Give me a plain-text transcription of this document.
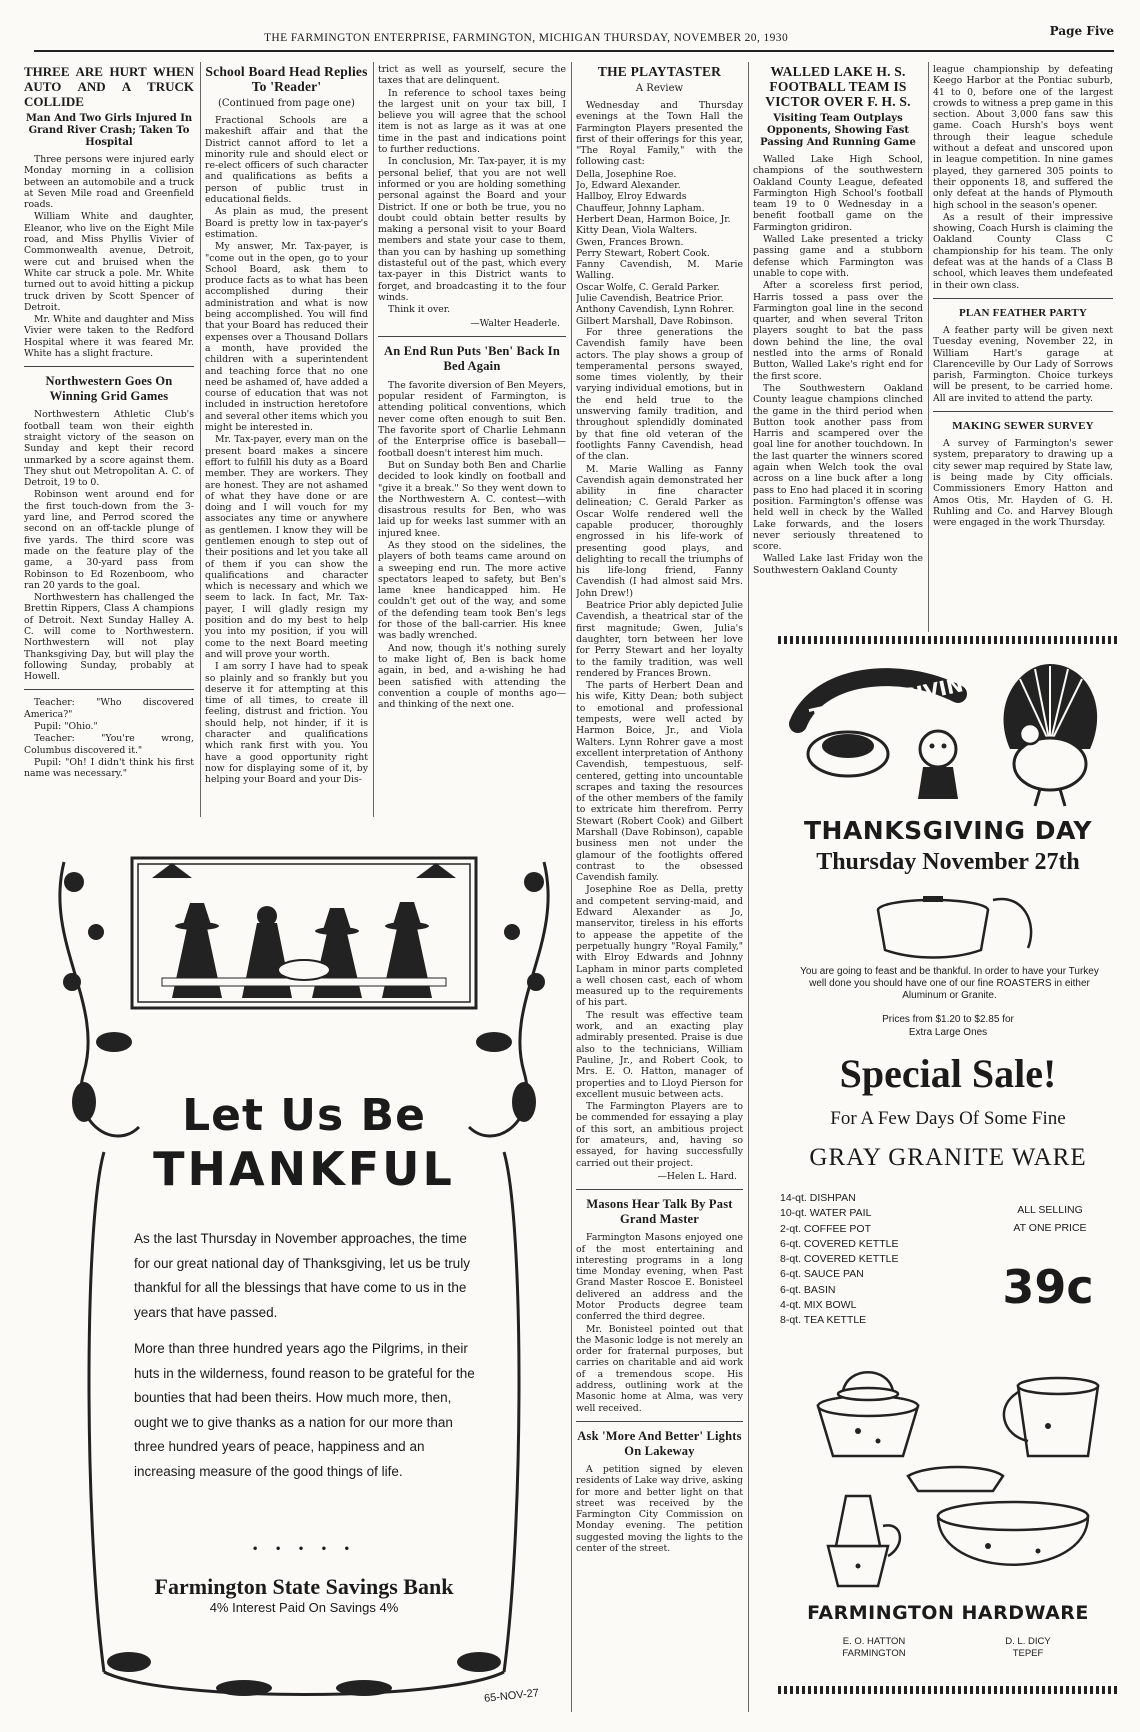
THE FARMINGTON ENTERPRISE, FARMINGTON, MICHIGAN THURSDAY, NOVEMBER 20, 1930	Page Five
THREE ARE HURT WHEN AUTO AND A TRUCK COLLIDE
Man And Two Girls Injured In Grand River Crash; Taken To Hospital

Three persons were injured early Monday morning in a collision between an automobile and a truck at Seven Mile road and Greenfield roads.

William White and daughter, Eleanor, who live on the Eight Mile road, and Miss Phyllis Vivier of Commonwealth avenue, Detroit, were cut and bruised when the White car struck a pole. Mr. White turned out to avoid hitting a pickup truck driven by Scott Spencer of Detroit.

Mr. White and daughter and Miss Vivier were taken to the Redford Hospital where it was feared Mr. White has a slight fracture.

Northwestern Goes On Winning Grid Games

Northwestern Athletic Club's football team won their eighth straight victory of the season on Sunday and kept their record unmarked by a score against them. They shut out Metropolitan A. C. of Detroit, 19 to 0.

Robinson went around end for the first touch-down from the 3-yard line, and Perrod scored the second on an off-tackle plunge of five yards. The third score was made on the feature play of the game, a 30-yard pass from Robinson to Ed Rozenboom, who ran 20 yards to the goal.

Northwestern has challenged the Brettin Rippers, Class A champions of Detroit. Next Sunday Halley A. C. will come to Northwestern. Northwestern will not play Thanksgiving Day, but will play the following Sunday, probably at Howell.

Teacher: "Who discovered America?"

Pupil: "Ohio."

Teacher: "You're wrong, Columbus discovered it."

Pupil: "Oh! I didn't think his first name was necessary."

School Board Head Replies To 'Reader'
(Continued from page one)

Fractional Schools are a makeshift affair and that the District cannot afford to let a minority rule and should elect or re-elect officers of such character and qualifications as befits a person of public trust in educational fields.

As plain as mud, the present Board is pretty low in tax-payer's estimation.

My answer, Mr. Tax-payer, is "come out in the open, go to your School Board, ask them to produce facts as to what has been accomplished during their administration and what is now being accomplished. You will find that your Board has reduced their expenses over a Thousand Dollars a month, have provided the children with a superintendent and teaching force that no one need be ashamed of, have added a course of education that was not included in instruction heretofore and several other items which you might be interested in.

Mr. Tax-payer, every man on the present board makes a sincere effort to fulfill his duty as a Board member. They are workers. They are honest. They are not ashamed of what they have done or are doing and I will vouch for my associates any time or anywhere as gentlemen. I know they will be gentlemen enough to step out of their positions and let you take all of them if you can show the qualifications and character which is necessary and which we seem to lack. In fact, Mr. Tax-payer, I will gladly resign my position and do my best to help you into my position, if you will come to the next Board meeting and will prove your worth.

I am sorry I have had to speak so plainly and so frankly but you deserve it for attempting at this time of all times, to create ill feeling, distrust and friction. You should help, not hinder, if it is character and qualifications which rank first with you. You have a good opportunity right now for displaying some of it, by helping your Board and your Dis-

trict as well as yourself, secure the taxes that are delinquent.

In reference to school taxes being the largest unit on your tax bill, I believe you will agree that the school item is not as large as it was at one time in the past and indications point to further reductions.

In conclusion, Mr. Tax-payer, it is my personal belief, that you are not well informed or you are holding something personal against the Board and your District. If one or both be true, you no doubt could obtain better results by making a personal visit to your Board members and state your case to them, than you can by hashing up something distasteful out of the past, which every tax-payer in this District wants to forget, and broadcasting it to the four winds.

Think it over.

—Walter Headerle.
An End Run Puts 'Ben' Back In Bed Again

The favorite diversion of Ben Meyers, popular resident of Farmington, is attending political conventions, which never come often enough to suit Ben. The favorite sport of Charlie Lehmann of the Enterprise office is baseball—football doesn't interest him much.

But on Sunday both Ben and Charlie decided to look kindly on football and "give it a break." So they went down to the Northwestern A. C. contest—with disastrous results for Ben, who was laid up for weeks last summer with an injured knee.

As they stood on the sidelines, the players of both teams came around on a sweeping end run. The more active spectators leaped to safety, but Ben's lame knee handicapped him. He couldn't get out of the way, and some of the defending team took Ben's legs for those of the ball-carrier. His knee was badly wrenched.

And now, though it's nothing surely to make light of, Ben is back home again, in bed, and a-wishing he had been satisfied with attending the convention a couple of months ago—and thinking of the next one.

THE PLAYTASTER
A Review

Wednesday and Thursday evenings at the Town Hall the Farmington Players presented the first of their offerings for this year, "The Royal Family," with the following cast:

Della, Josephine Roe.
Jo, Edward Alexander.
Hallboy, Elroy Edwards
Chauffeur, Johnny Lapham.
Herbert Dean, Harmon Boice, Jr.
Kitty Dean, Viola Walters.
Gwen, Frances Brown.
Perry Stewart, Robert Cook.
Fanny Cavendish, M. Marie Walling.
Oscar Wolfe, C. Gerald Parker.
Julie Cavendish, Beatrice Prior.
Anthony Cavendish, Lynn Rohrer.
Gilbert Marshall, Dave Robinson.

For three generations the Cavendish family have been actors. The play shows a group of temperamental persons swayed, some times violently, by their varying individual emotions, but in the end held true to the unswerving family tradition, and throughout splendidly dominated by that fine old veteran of the footlights Fanny Cavendish, head of the clan.

M. Marie Walling as Fanny Cavendish again demonstrated her ability in fine character delineation; C. Gerald Parker as Oscar Wolfe rendered well the capable producer, thoroughly engrossed in his life-work of presenting good plays, and delighting to recall the triumphs of his life-long friend, Fanny Cavendish (I had almost said Mrs. John Drew!)

Beatrice Prior ably depicted Julie Cavendish, a theatrical star of the first magnitude; Gwen, Julia's daughter, torn between her love for Perry Stewart and her loyalty to the family tradition, was well rendered by Frances Brown.

The parts of Herbert Dean and his wife, Kitty Dean; both subject to emotional and professional tempests, were well acted by Harmon Boice, Jr., and Viola Walters. Lynn Rohrer gave a most excellent interpretation of Anthony Cavendish, tempestuous, self-centered, getting into uncountable scrapes and taxing the resources of the other members of the family to extricate him therefrom. Perry Stewart (Robert Cook) and Gilbert Marshall (Dave Robinson), capable business men not under the glamour of the footlights offered contrast to the obsessed Cavendish family.

Josephine Roe as Della, pretty and competent serving-maid, and Edward Alexander as Jo, manservitor, tireless in his efforts to appease the appetite of the perpetually hungry "Royal Family," with Elroy Edwards and Johnny Lapham in minor parts completed a well chosen cast, each of whom measured up to the requirements of his part.

The result was effective team work, and an exacting play admirably presented. Praise is due also to the technicians, William Pauline, Jr., and Robert Cook, to Mrs. E. O. Hatton, manager of properties and to Lloyd Pierson for excellent musuic between acts.

The Farmington Players are to be commended for essaying a play of this sort, an ambitious project for amateurs, and, having so essayed, for having successfully carried out their project.

—Helen L. Hard.
Masons Hear Talk By Past Grand Master

Farmington Masons enjoyed one of the most entertaining and interesting programs in a long time Monday evening, when Past Grand Master Roscoe E. Bonisteel delivered an address and the Motor Products degree team conferred the third degree.

Mr. Bonisteel pointed out that the Masonic lodge is not merely an order for fraternal purposes, but carries on charitable and aid work of a tremendous scope. His address, outlining work at the Masonic home at Alma, was very well received.

Ask 'More And Better' Lights On Lakeway

A petition signed by eleven residents of Lake way drive, asking for more and better light on that street was received by the Farmington City Commission on Monday evening. The petition suggested moving the lights to the center of the street.

WALLED LAKE H. S. FOOTBALL TEAM IS VICTOR OVER F. H. S.
Visiting Team Outplays Opponents, Showing Fast Passing And Running Game

Walled Lake High School, champions of the southwestern Oakland County League, defeated Farmington High School's football team 19 to 0 Wednesday in a benefit football game on the Farmington gridiron.

Walled Lake presented a tricky passing game and a stubborn defense which Farmington was unable to cope with.

After a scoreless first period, Harris tossed a pass over the Farmington goal line in the second quarter, and when several Triton players sought to bat the pass down behind the line, the oval nestled into the arms of Ronald Button, Walled Lake's right end for the first score.

The Southwestern Oakland County league champions clinched the game in the third period when Button took another pass from Harris and scampered over the goal line for another touchdown. In the last quarter the winners scored again when Welch took the oval across on a line buck after a long pass to Eno had placed it in scoring position. Farmington's offense was held well in check by the Walled Lake forwards, and the losers never seriously threatened to score.

Walled Lake last Friday won the Southwestern Oakland County

league championship by defeating Keego Harbor at the Pontiac suburb, 41 to 0, before one of the largest crowds to witness a prep game in this section. About 3,000 fans saw this game. Coach Hursh's boys went through their league schedule without a defeat and unscored upon in league competition. In nine games played, they garnered 305 points to their opponents 18, and suffered the only defeat at the hands of Plymouth high school in the season's opener.

As a result of their impressive showing, Coach Hursh is claiming the Oakland County Class C championship for his team. The only defeat was at the hands of a Class B school, which leaves them undefeated in their own class.

PLAN FEATHER PARTY

A feather party will be given next Tuesday evening, November 22, in William Hart's garage at Clarenceville by Our Lady of Sorrows parish, Farmington. Choice turkeys will be present, to be carried home. All are invited to attend the party.

MAKING SEWER SURVEY

A survey of Farmington's sewer system, preparatory to drawing up a city sewer map required by State law, is being made by City officials. Commissioners Emory Hatton and Amos Otis, Mr. Hayden of G. H. Ruhling and Co. and Harvey Blough were engaged in the work Thursday.

Let Us Be
THANKFUL

As the last Thursday in November approaches, the time for our great national day of Thanksgiving, let us be truly thankful for all the blessings that have come to us in the years that have passed.

More than three hundred years ago the Pilgrims, in their huts in the wilderness, found reason to be grateful for the bounties that had been theirs. How much more, then, ought we to give thanks as a nation for our more than three hundred years of peace, happiness and an increasing measure of the good things of life.

• • • • •
Farmington State Savings Bank
4% Interest Paid On Savings 4%
65-NOV-27
THANKSGIVING
THANKSGIVING DAY
Thursday November 27th
You are going to feast and be thankful. In order to have your Turkey well done you should have one of our fine ROASTERS in either Aluminum or Granite.
Prices from $1.20 to $2.85 for
Extra Large Ones
Special Sale!
For A Few Days Of Some Fine
GRAY GRANITE WARE
14-qt. DISHPAN
10-qt. WATER PAIL
2-qt. COFFEE POT
6-qt. COVERED KETTLE
8-qt. COVERED KETTLE
6-qt. SAUCE PAN
6-qt. BASIN
4-qt. MIX BOWL
8-qt. TEA KETTLE
ALL SELLING
AT ONE PRICE
39c
FARMINGTON HARDWARE
E. O. HATTON
FARMINGTON
D. L. DICY
TEPEF
